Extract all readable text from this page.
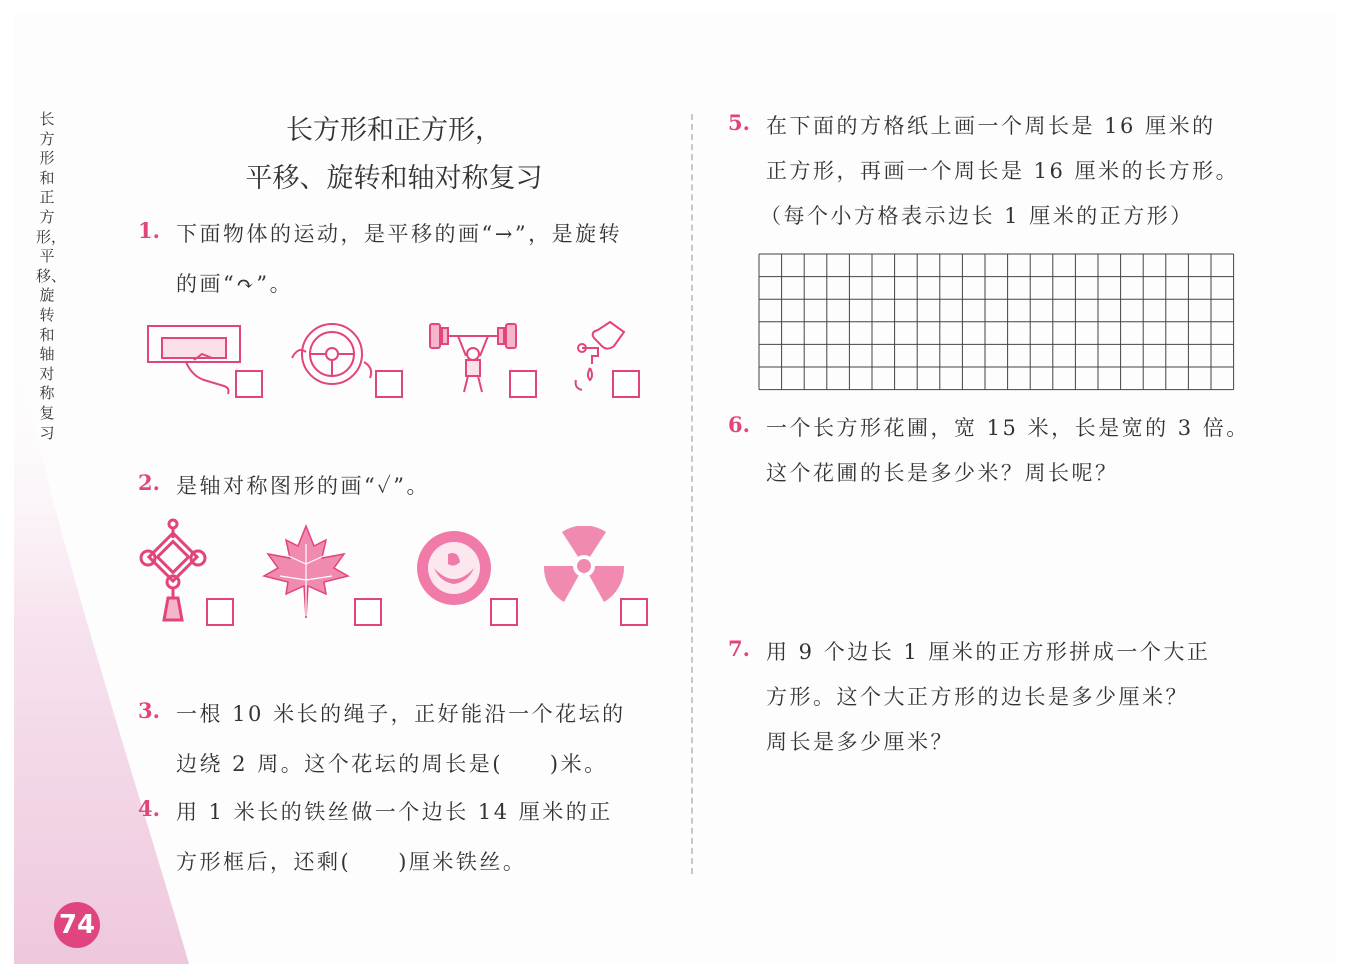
长方形和正方形，平移、旋转和轴对称复习
74
长方形和正方形，
平移、旋转和轴对称复习
1. 下面物体的运动，是平移的画“→”，是旋转
的画“↷”。
2. 是轴对称图形的画“✓”。
3. 一根 10 米长的绳子，正好能沿一个花坛的
边绕 2 周。这个花坛的周长是(　　)米。
4. 用 1 米长的铁丝做一个边长 14 厘米的正
方形框后，还剩(　　)厘米铁丝。
5. 在下面的方格纸上画一个周长是 16 厘米的
正方形，再画一个周长是 16 厘米的长方形。
（每个小方格表示边长 1 厘米的正方形）
6. 一个长方形花圃，宽 15 米，长是宽的 3 倍。
这个花圃的长是多少米？周长呢？
7. 用 9 个边长 1 厘米的正方形拼成一个大正
方形。这个大正方形的边长是多少厘米？
周长是多少厘米？
